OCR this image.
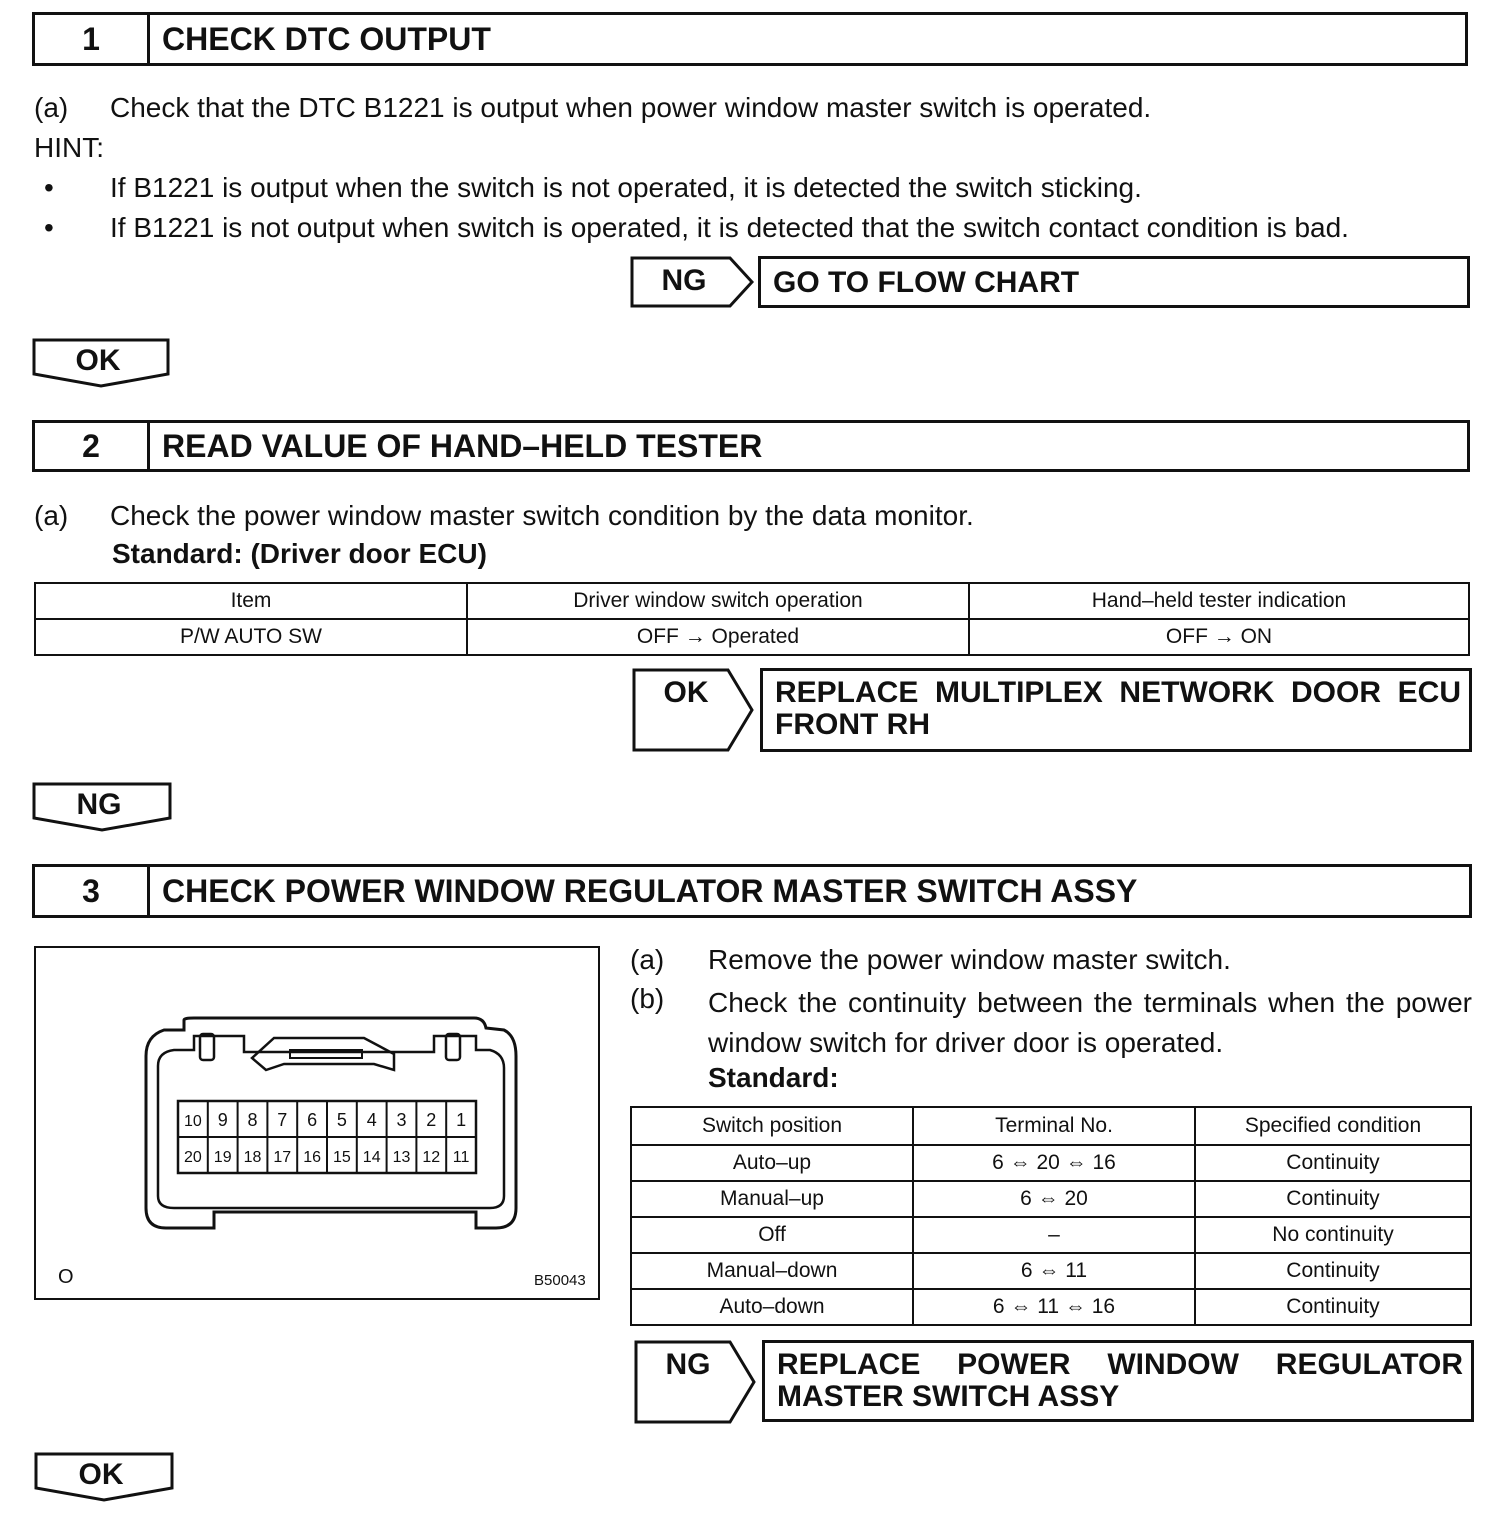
1	CHECK DTC OUTPUT
(a) Check that the DTC B1221 is output when power window master switch is operated.
HINT:
• If B1221 is output when the switch is not operated, it is detected the switch sticking.
• If B1221 is not output when switch is operated, it is detected that the switch contact condition is bad.
NG	GO TO FLOW CHART
OK
2	READ VALUE OF HAND–HELD TESTER
(a) Check the power window master switch condition by the data monitor.
Standard: (Driver door ECU)
Item	Driver window switch operation	Hand–held tester indication
P/W AUTO SW	OFF → Operated	OFF → ON
OK	REPLACE MULTIPLEX NETWORK DOOR ECU FRONT RH
NG
3	CHECK POWER WINDOW REGULATOR MASTER SWITCH ASSY
10 9 8 7 6 5 4 3 2 1
20 19 18 17 16 15 14 13 12 11
O	B50043
(a) Remove the power window master switch.
(b) Check the continuity between the terminals when the power window switch for driver door is operated.
Standard:
Switch position	Terminal No.	Specified condition
Auto–up	6 ⇔ 20 ⇔ 16	Continuity
Manual–up	6 ⇔ 20	Continuity
Off	–	No continuity
Manual–down	6 ⇔ 11	Continuity
Auto–down	6 ⇔ 11 ⇔ 16	Continuity
NG	REPLACE POWER WINDOW REGULATOR MASTER SWITCH ASSY
OK
